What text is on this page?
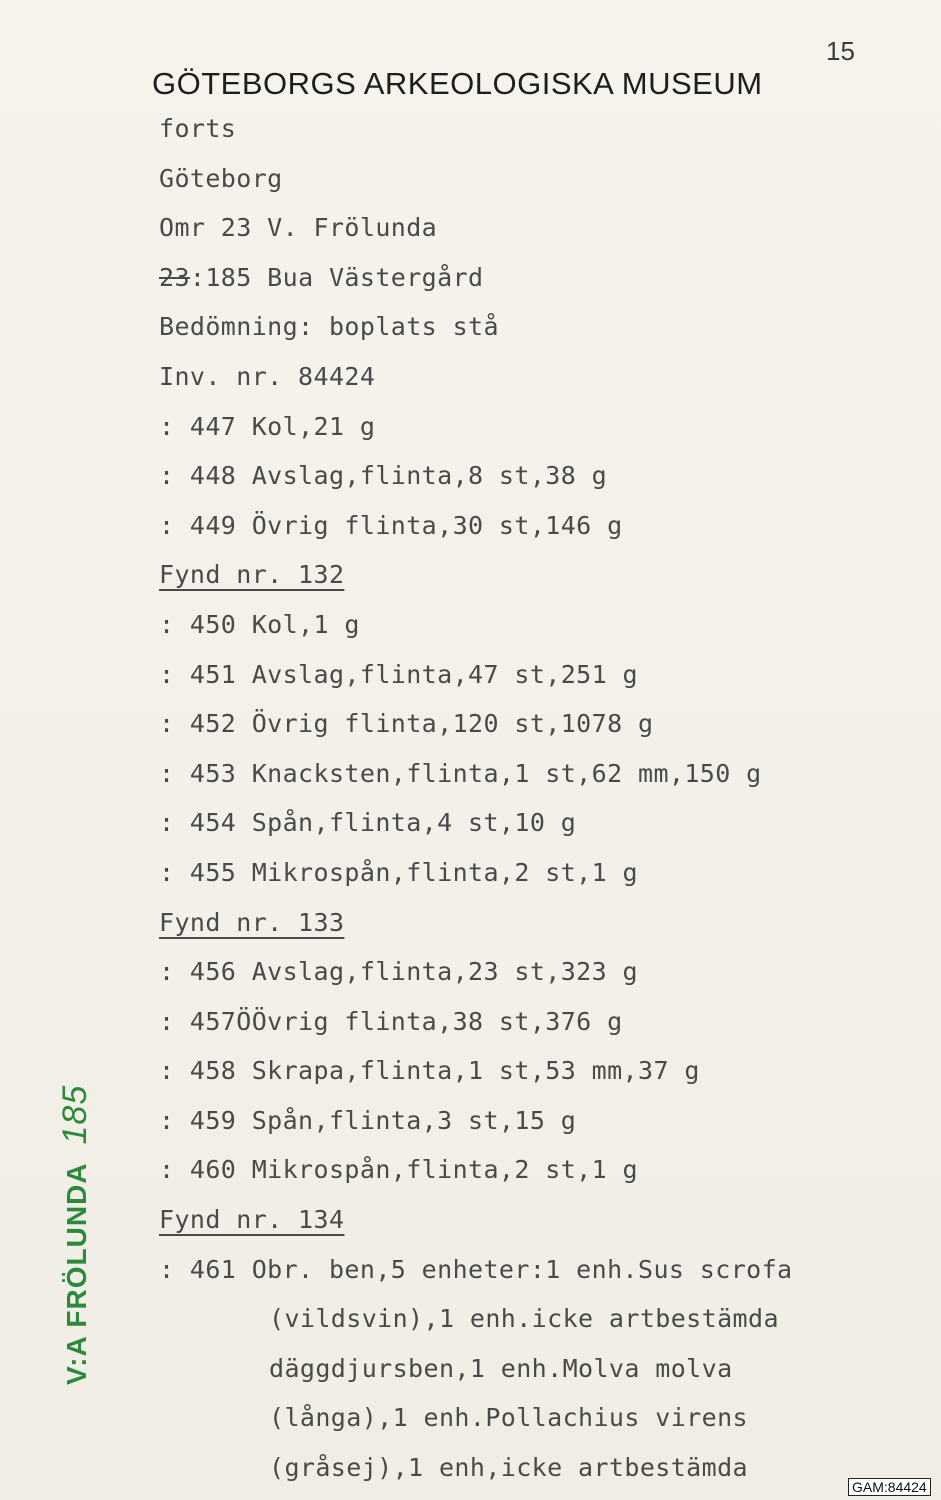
15
GÖTEBORGS ARKEOLOGISKA MUSEUM
forts
Göteborg
Omr 23 V. Frölunda
23:185 Bua Västergård
Bedömning: boplats stå
Inv. nr. 84424
: 447 Kol,21 g
: 448 Avslag,flinta,8 st,38 g
: 449 Övrig flinta,30 st,146 g
Fynd nr. 132
: 450 Kol,1 g
: 451 Avslag,flinta,47 st,251 g
: 452 Övrig flinta,120 st,1078 g
: 453 Knacksten,flinta,1 st,62 mm,150 g
: 454 Spån,flinta,4 st,10 g
: 455 Mikrospån,flinta,2 st,1 g
Fynd nr. 133
: 456 Avslag,flinta,23 st,323 g
: 457ÖÖvrig flinta,38 st,376 g
: 458 Skrapa,flinta,1 st,53 mm,37 g
: 459 Spån,flinta,3 st,15 g
: 460 Mikrospån,flinta,2 st,1 g
Fynd nr. 134
: 461 Obr. ben,5 enheter:1 enh.Sus scrofa
(vildsvin),1 enh.icke artbestämda
däggdjursben,1 enh.Molva molva
(långa),1 enh.Pollachius virens
(gråsej),1 enh,icke artbestämda
V:A FRÖLUNDA185
GAM:84424
